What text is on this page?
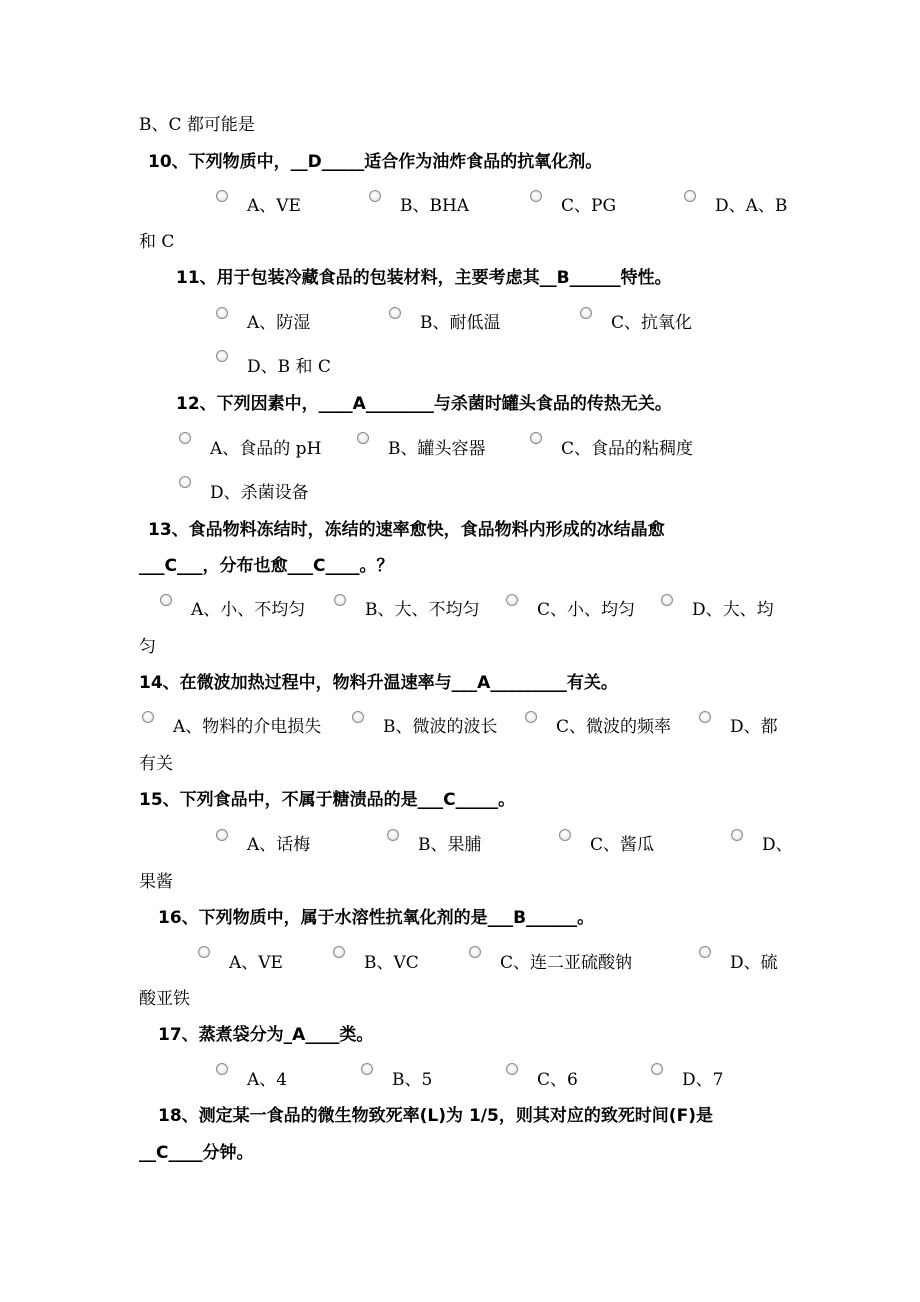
B、C 都可能是
10、下列物质中，__D_____适合作为油炸食品的抗氧化剂。
A、VE	B、BHA	C、PG	D、A、B
和 C
11、用于包装冷藏食品的包装材料，主要考虑其__B______特性。
A、防湿	B、耐低温	C、抗氧化
D、B 和 C
12、下列因素中，____A________与杀菌时罐头食品的传热无关。
A、食品的 pH	B、罐头容器	C、食品的粘稠度
D、杀菌设备
13、食品物料冻结时，冻结的速率愈快，食品物料内形成的冰结晶愈
___C___，分布也愈___C____。？
A、小、不均匀	B、大、不均匀	C、小、均匀	D、大、均
匀
14、在微波加热过程中，物料升温速率与___A_________有关。
A、物料的介电损失	B、微波的波长	C、微波的频率	D、都
有关
15、下列食品中，不属于糖渍品的是___C_____。
A、话梅	B、果脯	C、酱瓜	D、
果酱
16、下列物质中，属于水溶性抗氧化剂的是___B______。
A、VE	B、VC	C、连二亚硫酸钠	D、硫
酸亚铁
17、蒸煮袋分为_A____类。
A、4	B、5	C、6	D、7
18、测定某一食品的微生物致死率(L)为 1/5，则其对应的致死时间(F)是
__C____分钟。
